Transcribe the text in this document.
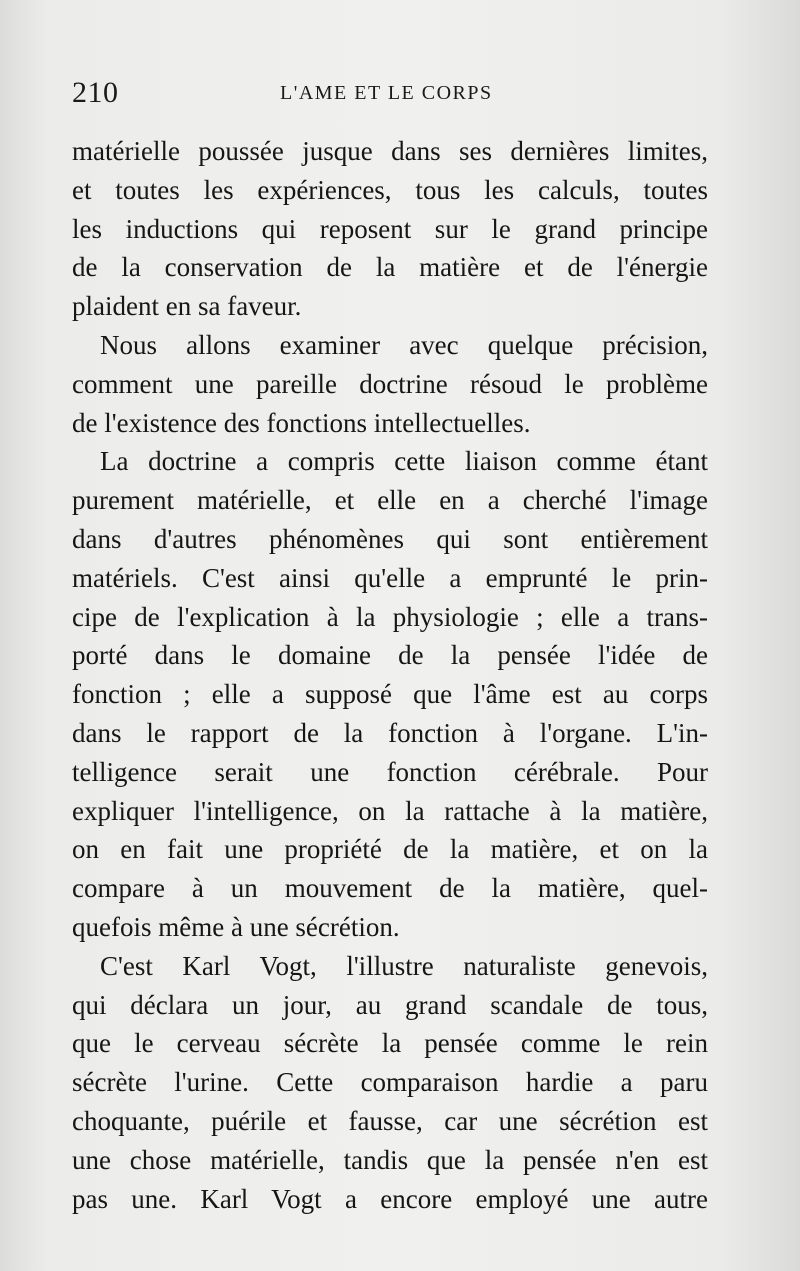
210	L'AME ET LE CORPS
matérielle poussée jusque dans ses dernières limites,
et toutes les expériences, tous les calculs, toutes
les inductions qui reposent sur le grand principe
de la conservation de la matière et de l'énergie
plaident en sa faveur.
Nous allons examiner avec quelque précision,
comment une pareille doctrine résoud le problème
de l'existence des fonctions intellectuelles.
La doctrine a compris cette liaison comme étant
purement matérielle, et elle en a cherché l'image
dans d'autres phénomènes qui sont entièrement
matériels. C'est ainsi qu'elle a emprunté le prin-
cipe de l'explication à la physiologie ; elle a trans-
porté dans le domaine de la pensée l'idée de
fonction ; elle a supposé que l'âme est au corps
dans le rapport de la fonction à l'organe. L'in-
telligence serait une fonction cérébrale. Pour
expliquer l'intelligence, on la rattache à la matière,
on en fait une propriété de la matière, et on la
compare à un mouvement de la matière, quel-
quefois même à une sécrétion.
C'est Karl Vogt, l'illustre naturaliste genevois,
qui déclara un jour, au grand scandale de tous,
que le cerveau sécrète la pensée comme le rein
sécrète l'urine. Cette comparaison hardie a paru
choquante, puérile et fausse, car une sécrétion est
une chose matérielle, tandis que la pensée n'en est
pas une. Karl Vogt a encore employé une autre
